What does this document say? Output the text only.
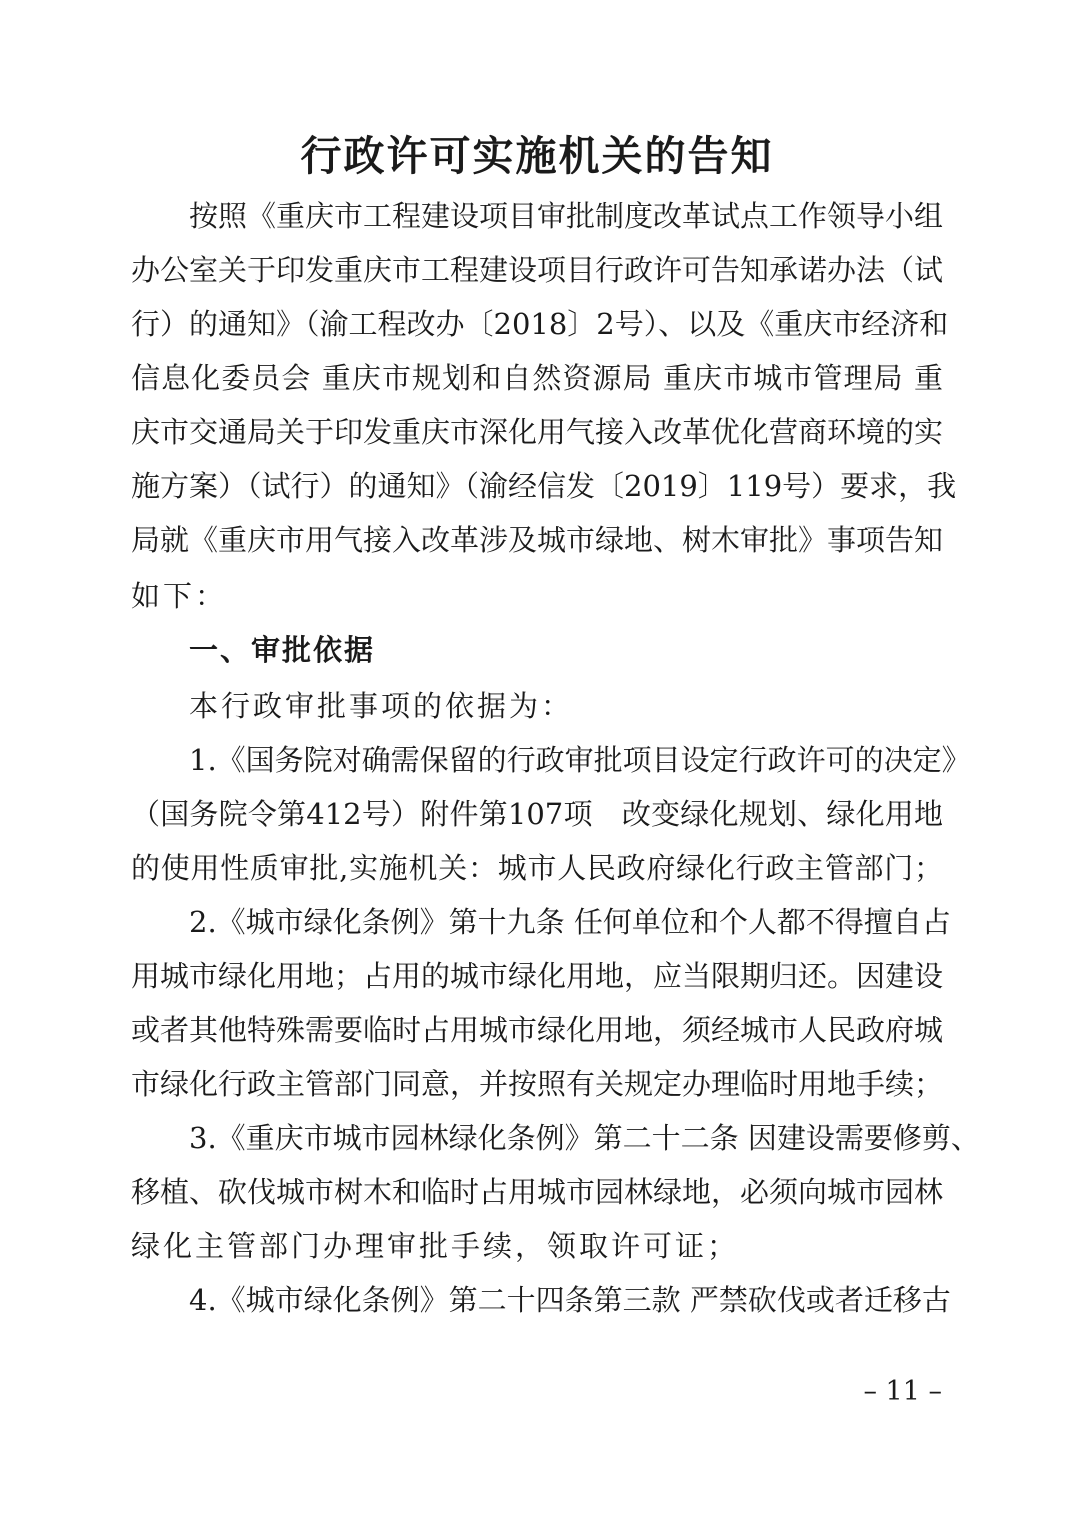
行政许可实施机关的告知
按照《重庆市工程建设项目审批制度改革试点工作领导小组
办公室关于印发重庆市工程建设项目行政许可告知承诺办法（试
行）的通知》（渝工程改办〔2018〕2号）、以及《重庆市经济和
信息化委员会 重庆市规划和自然资源局 重庆市城市管理局 重
庆市交通局关于印发重庆市深化用气接入改革优化营商环境的实
施方案）（试行）的通知》（渝经信发〔2019〕119号）要求，我
局就《重庆市用气接入改革涉及城市绿地、树木审批》事项告知
如下：
一、审批依据
本行政审批事项的依据为：
1.《国务院对确需保留的行政审批项目设定行政许可的决定》
（国务院令第412号）附件第107项　改变绿化规划、绿化用地
的使用性质审批,实施机关：城市人民政府绿化行政主管部门；
2.《城市绿化条例》第十九条 任何单位和个人都不得擅自占
用城市绿化用地；占用的城市绿化用地，应当限期归还。因建设
或者其他特殊需要临时占用城市绿化用地，须经城市人民政府城
市绿化行政主管部门同意，并按照有关规定办理临时用地手续；
3.《重庆市城市园林绿化条例》第二十二条 因建设需要修剪、
移植、砍伐城市树木和临时占用城市园林绿地，必须向城市园林
绿化主管部门办理审批手续，领取许可证；
4.《城市绿化条例》第二十四条第三款 严禁砍伐或者迁移古
– 11 –
